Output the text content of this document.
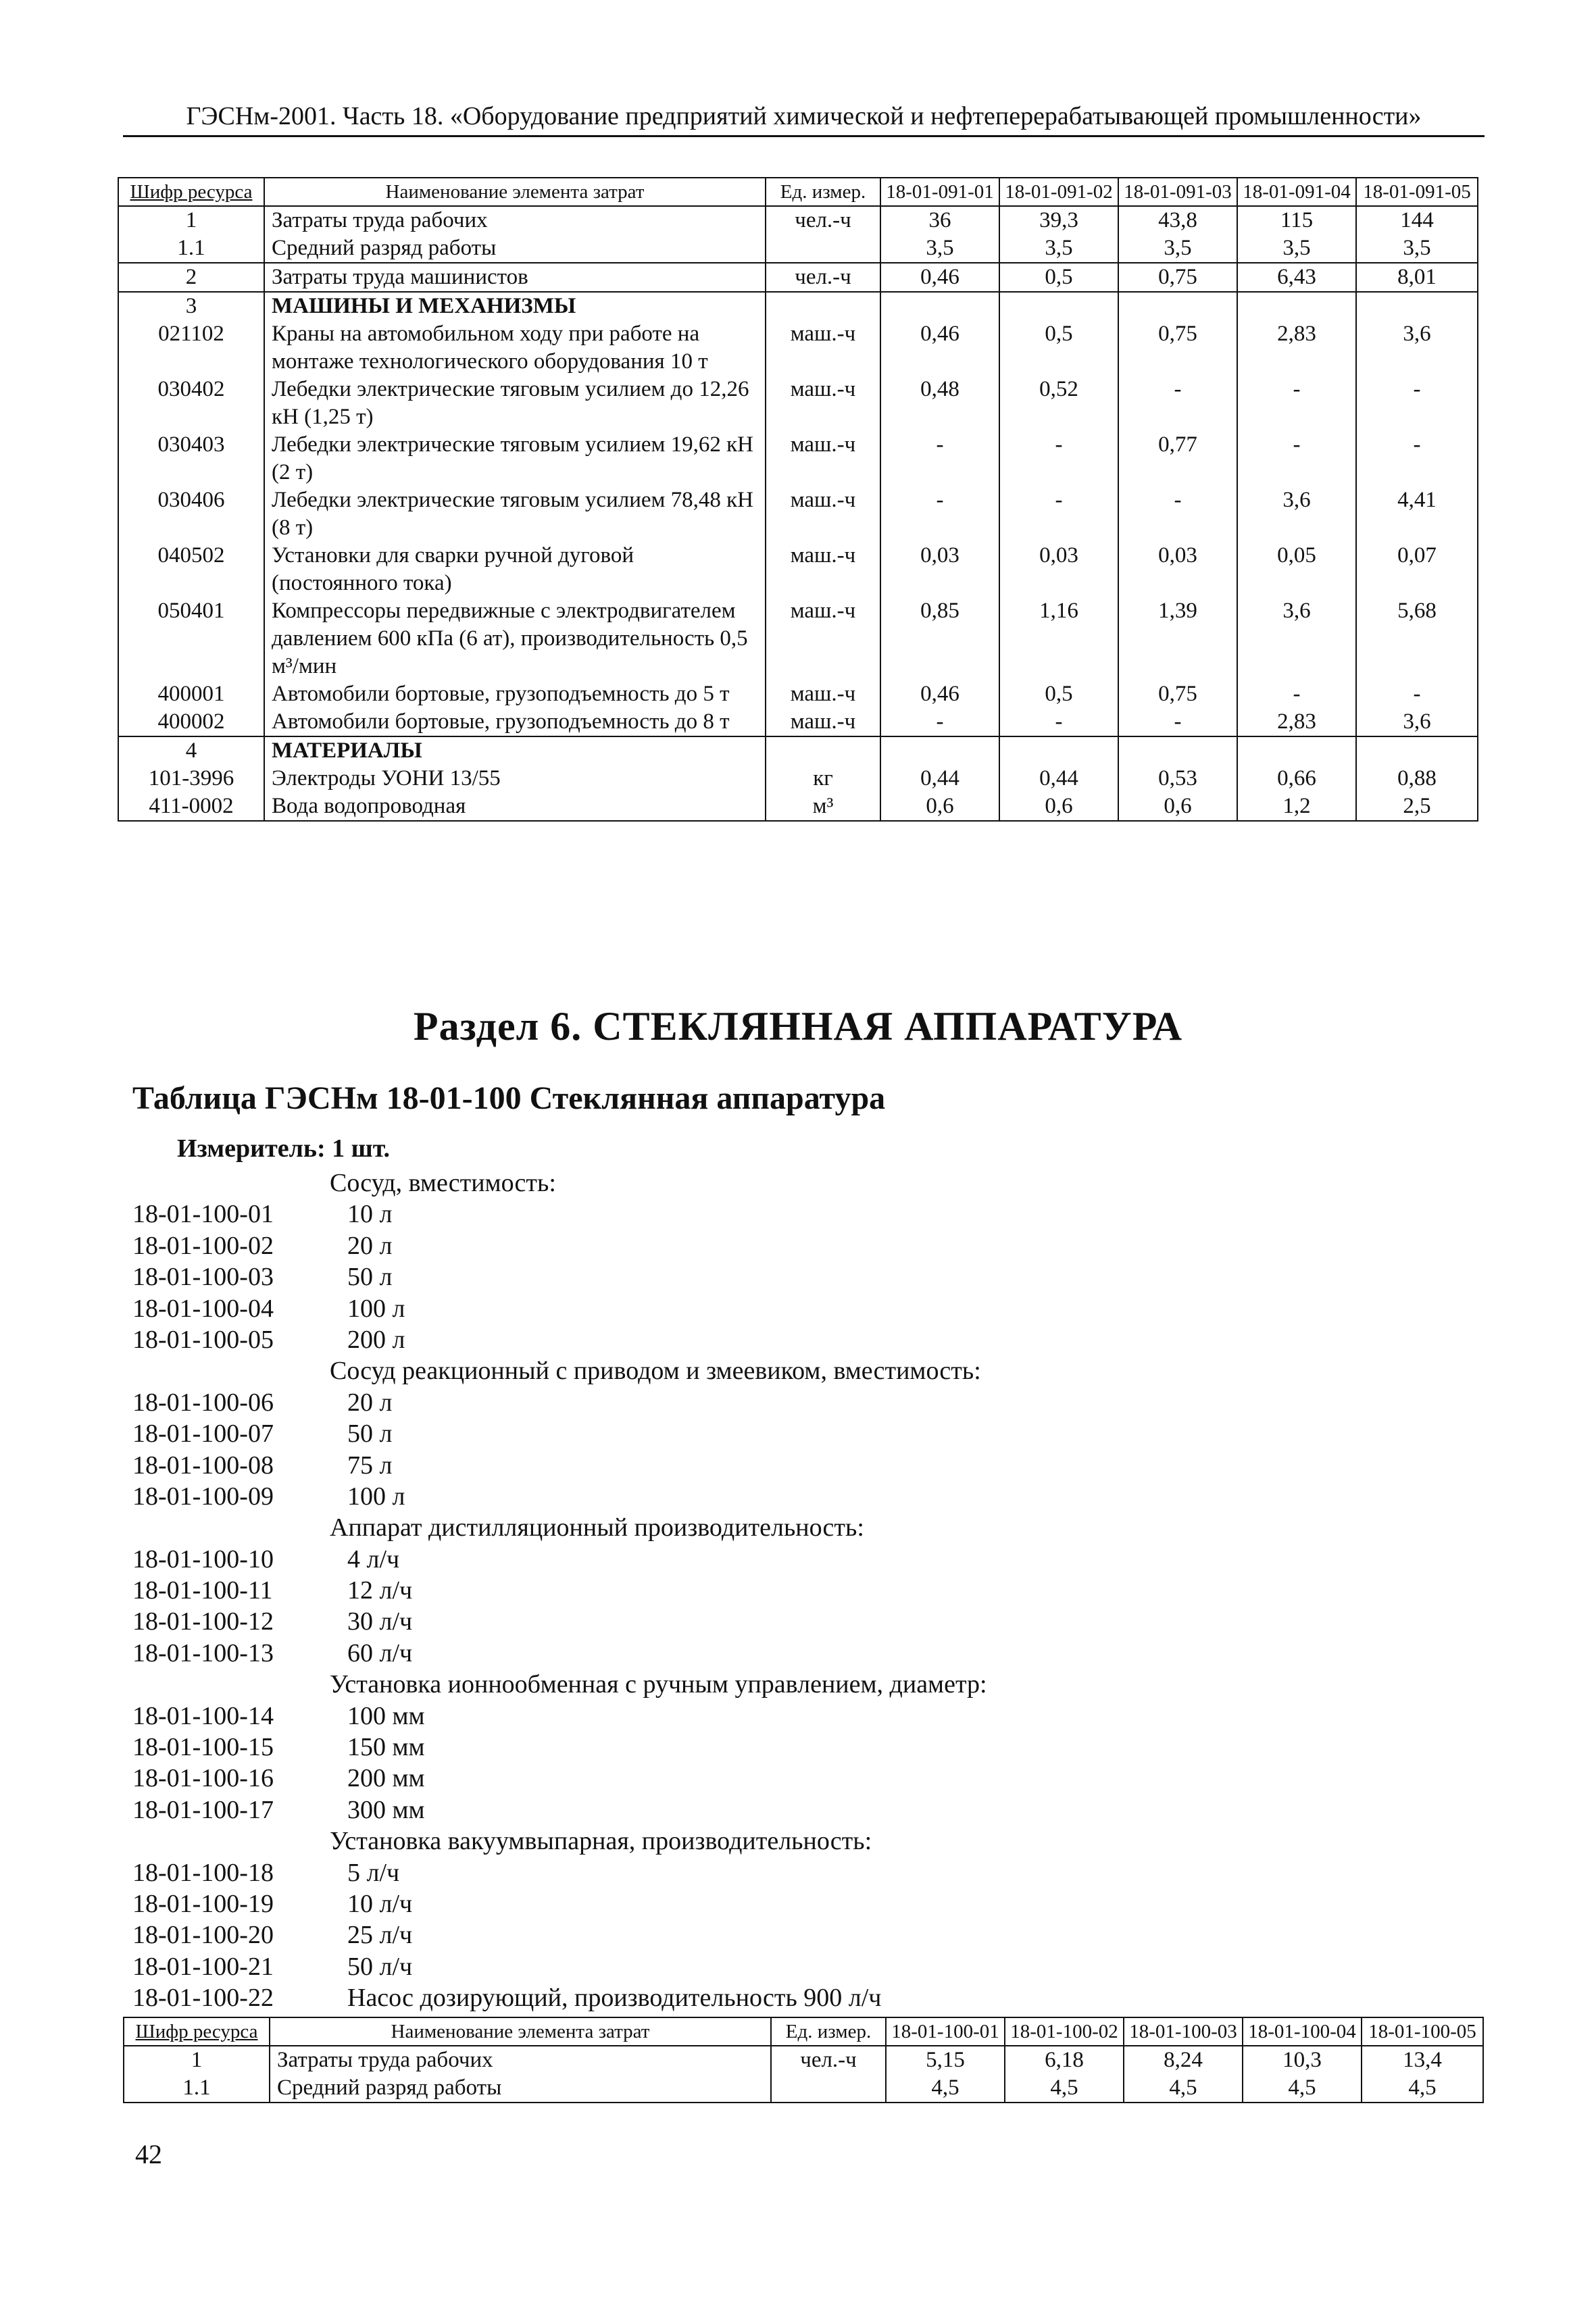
ГЭСНм-2001. Часть 18. «Оборудование предприятий химической и нефтеперерабатывающей промышленности»
Шифр ресурса	Наименование элемента затрат	Ед. измер.	18-01-091-01	18-01-091-02	18-01-091-03	18-01-091-04	18-01-091-05
1	Затраты труда рабочих	чел.-ч	36	39,3	43,8	115	144
1.1	Средний разряд работы		3,5	3,5	3,5	3,5	3,5
2	Затраты труда машинистов	чел.-ч	0,46	0,5	0,75	6,43	8,01
3	МАШИНЫ И МЕХАНИЗМЫ						
021102	Краны на автомобильном ходу при работе на монтаже технологического оборудования 10 т	маш.-ч	0,46	0,5	0,75	2,83	3,6
030402	Лебедки электрические тяговым усилием до 12,26 кН (1,25 т)	маш.-ч	0,48	0,52	-	-	-
030403	Лебедки электрические тяговым усилием 19,62 кН (2 т)	маш.-ч	-	-	0,77	-	-
030406	Лебедки электрические тяговым усилием 78,48 кН (8 т)	маш.-ч	-	-	-	3,6	4,41
040502	Установки для сварки ручной дуговой (постоянного тока)	маш.-ч	0,03	0,03	0,03	0,05	0,07
050401	Компрессоры передвижные с электродвигателем давлением 600 кПа (6 ат), производительность 0,5 м³/мин	маш.-ч	0,85	1,16	1,39	3,6	5,68
400001	Автомобили бортовые, грузоподъемность до 5 т	маш.-ч	0,46	0,5	0,75	-	-
400002	Автомобили бортовые, грузоподъемность до 8 т	маш.-ч	-	-	-	2,83	3,6
4	МАТЕРИАЛЫ						
101-3996	Электроды УОНИ 13/55	кг	0,44	0,44	0,53	0,66	0,88
411-0002	Вода водопроводная	м³	0,6	0,6	0,6	1,2	2,5
Раздел 6. СТЕКЛЯННАЯ АППАРАТУРА
Таблица ГЭСНм 18-01-100 Стеклянная аппаратура
Измеритель: 1 шт.
Сосуд, вместимость:
18-01-100-01	10 л
18-01-100-02	20 л
18-01-100-03	50 л
18-01-100-04	100 л
18-01-100-05	200 л
Сосуд реакционный с приводом и змеевиком, вместимость:
18-01-100-06	20 л
18-01-100-07	50 л
18-01-100-08	75 л
18-01-100-09	100 л
Аппарат дистилляционный производительность:
18-01-100-10	4 л/ч
18-01-100-11	12 л/ч
18-01-100-12	30 л/ч
18-01-100-13	60 л/ч
Установка ионнообменная с ручным управлением, диаметр:
18-01-100-14	100 мм
18-01-100-15	150 мм
18-01-100-16	200 мм
18-01-100-17	300 мм
Установка вакуумвыпарная, производительность:
18-01-100-18	5 л/ч
18-01-100-19	10 л/ч
18-01-100-20	25 л/ч
18-01-100-21	50 л/ч
18-01-100-22	Насос дозирующий, производительность 900 л/ч
Шифр ресурса	Наименование элемента затрат	Ед. измер.	18-01-100-01	18-01-100-02	18-01-100-03	18-01-100-04	18-01-100-05
1	Затраты труда рабочих	чел.-ч	5,15	6,18	8,24	10,3	13,4
1.1	Средний разряд работы		4,5	4,5	4,5	4,5	4,5
42
